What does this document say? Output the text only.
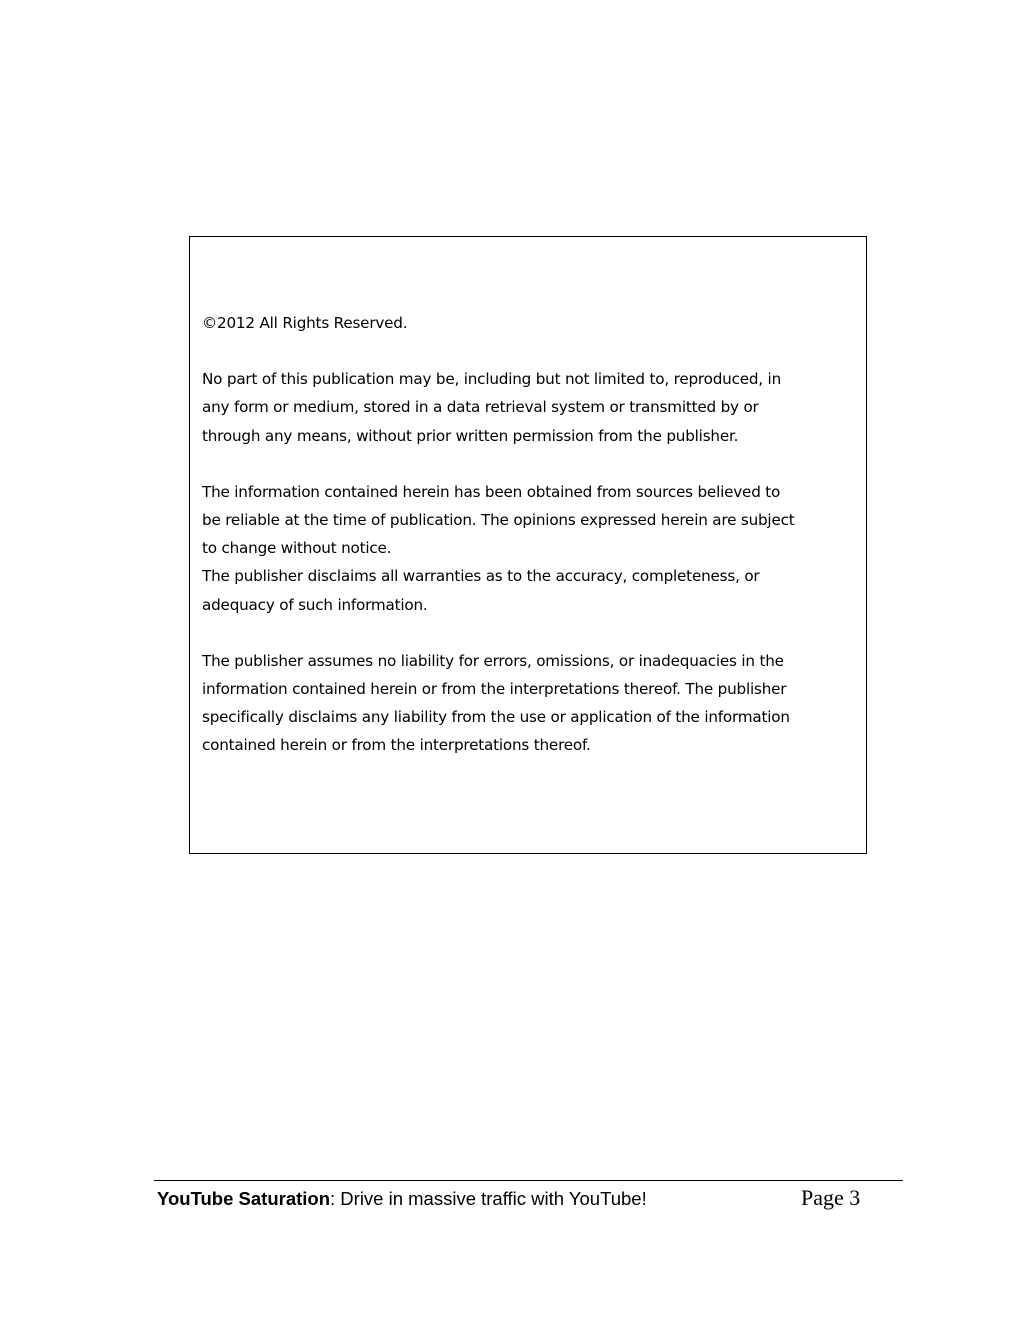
©2012 All Rights Reserved.

No part of this publication may be, including but not limited to, reproduced, in
any form or medium, stored in a data retrieval system or transmitted by or
through any means, without prior written permission from the publisher.

The information contained herein has been obtained from sources believed to
be reliable at the time of publication. The opinions expressed herein are subject
to change without notice.
The publisher disclaims all warranties as to the accuracy, completeness, or
adequacy of such information.

The publisher assumes no liability for errors, omissions, or inadequacies in the
information contained herein or from the interpretations thereof. The publisher
specifically disclaims any liability from the use or application of the information
contained herein or from the interpretations thereof.

YouTube Saturation: Drive in massive traffic with YouTube!	Page 3
